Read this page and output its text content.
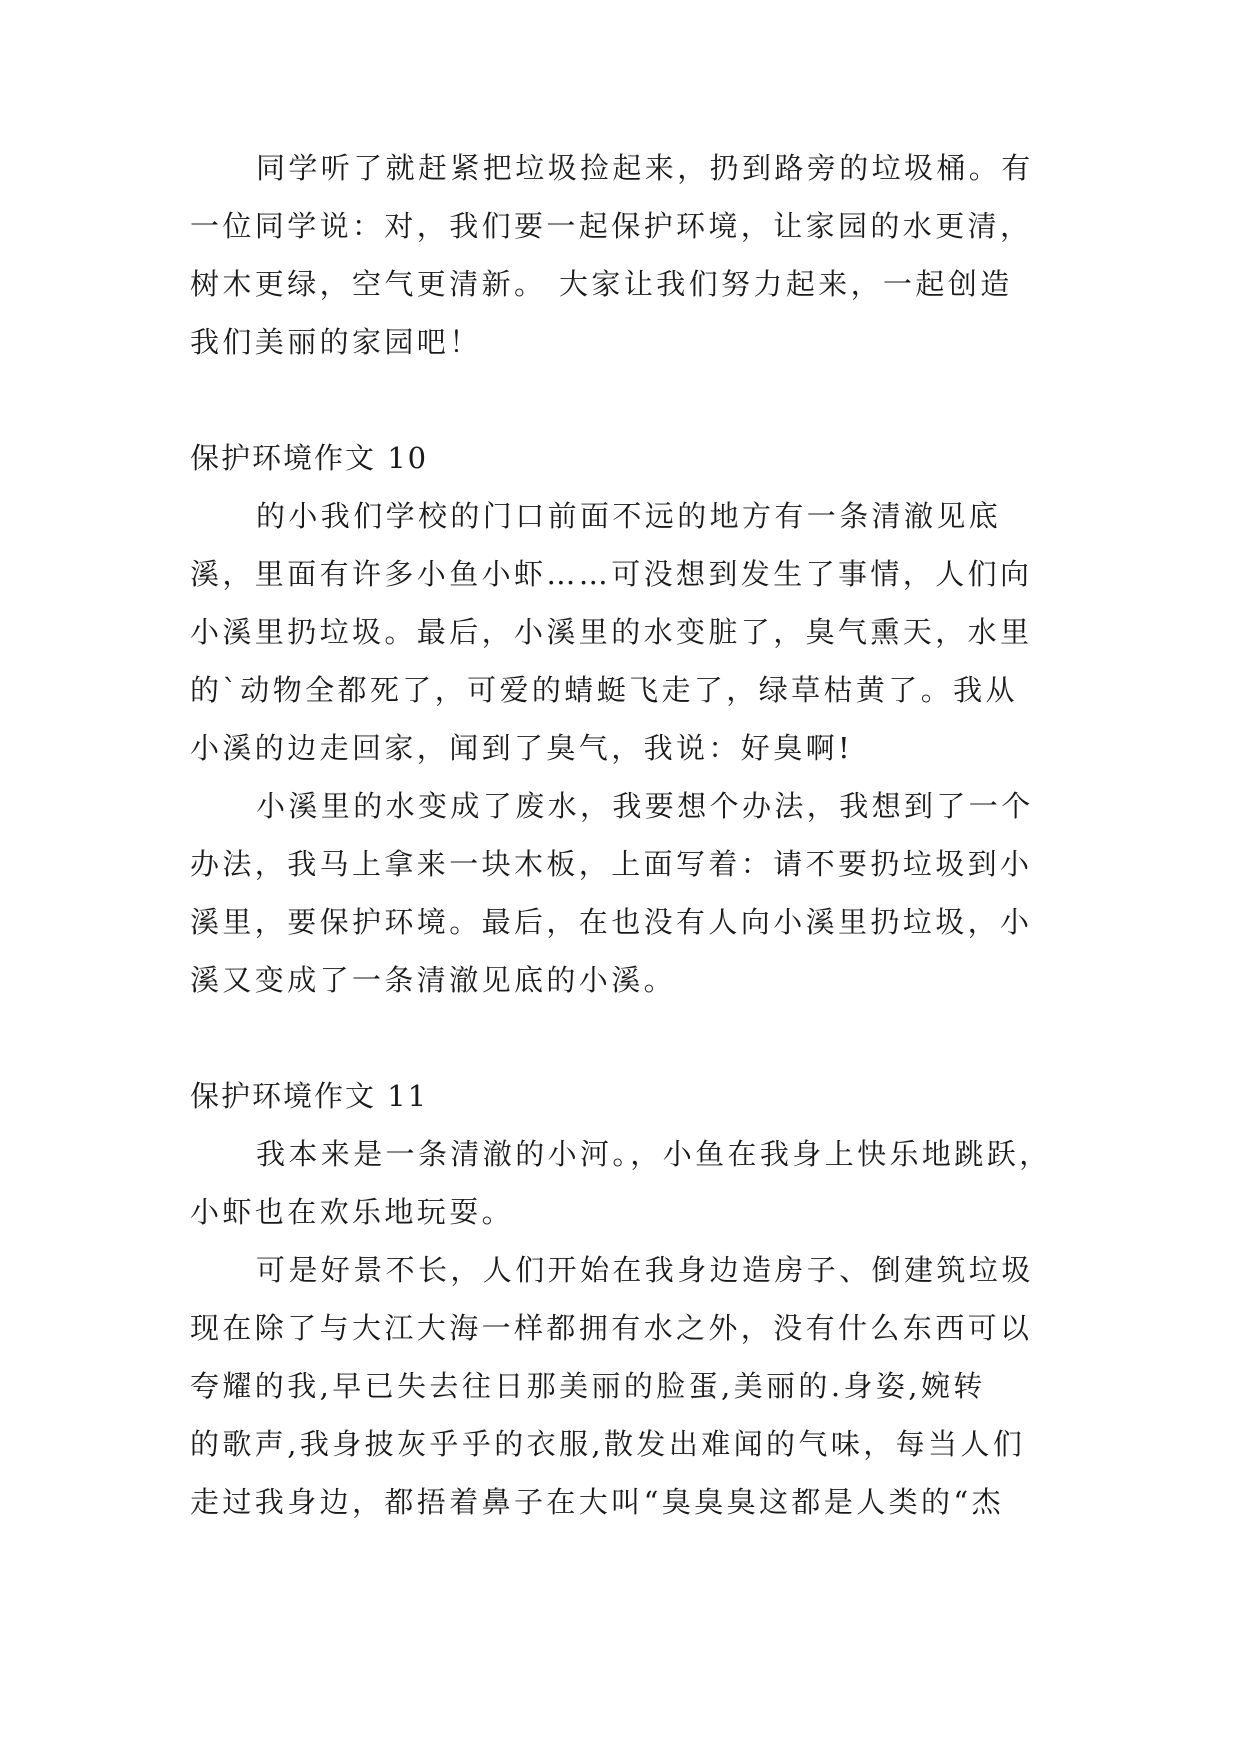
同学听了就赶紧把垃圾捡起来，扔到路旁的垃圾桶。有
一位同学说：对，我们要一起保护环境，让家园的水更清，
树木更绿，空气更清新。 大家让我们努力起来，一起创造
我们美丽的家园吧！
保护环境作文 10
的小我们学校的门口前面不远的地方有一条清澈见底
溪，里面有许多小鱼小虾……可没想到发生了事情，人们向
小溪里扔垃圾。最后，小溪里的水变脏了，臭气熏天，水里
的`动物全都死了，可爱的蜻蜓飞走了，绿草枯黄了。我从
小溪的边走回家，闻到了臭气，我说：好臭啊!
小溪里的水变成了废水，我要想个办法，我想到了一个
办法，我马上拿来一块木板，上面写着：请不要扔垃圾到小
溪里，要保护环境。最后，在也没有人向小溪里扔垃圾，小
溪又变成了一条清澈见底的小溪。
保护环境作文 11
我本来是一条清澈的小河。，小鱼在我身上快乐地跳跃，
小虾也在欢乐地玩耍。
可是好景不长，人们开始在我身边造房子、倒建筑垃圾
现在除了与大江大海一样都拥有水之外，没有什么东西可以
夸耀的我,早已失去往日那美丽的脸蛋,美丽的.身姿,婉转
的歌声,我身披灰乎乎的衣服,散发出难闻的气味，每当人们
走过我身边，都捂着鼻子在大叫“臭臭臭这都是人类的“杰
